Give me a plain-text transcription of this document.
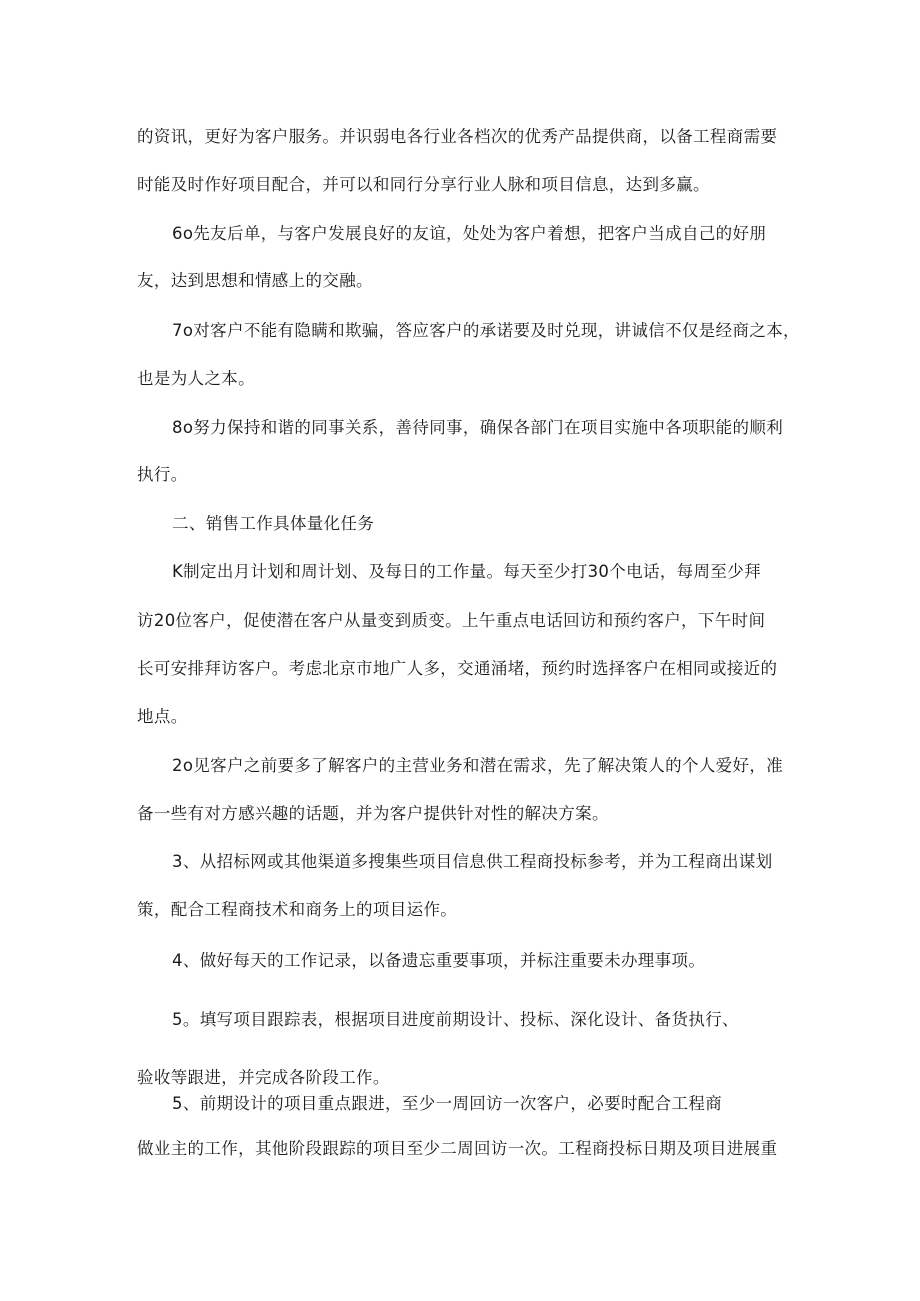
的资讯，更好为客户服务。并识弱电各行业各档次的优秀产品提供商，以备工程商需要
时能及时作好项目配合，并可以和同行分享行业人脉和项目信息，达到多赢。
6o先友后单，与客户发展良好的友谊，处处为客户着想，把客户当成自己的好朋
友，达到思想和情感上的交融。
7o对客户不能有隐瞒和欺骗，答应客户的承诺要及时兑现，讲诚信不仅是经商之本，
也是为人之本。
8o努力保持和谐的同事关系，善待同事，确保各部门在项目实施中各项职能的顺利
执行。
二、销售工作具体量化任务
K制定出月计划和周计划、及每日的工作量。每天至少打30个电话，每周至少拜
访20位客户，促使潜在客户从量变到质变。上午重点电话回访和预约客户，下午时间
长可安排拜访客户。考虑北京市地广人多，交通涌堵，预约时选择客户在相同或接近的
地点。
2o见客户之前要多了解客户的主营业务和潜在需求，先了解决策人的个人爱好，准
备一些有对方感兴趣的话题，并为客户提供针对性的解决方案。
3、从招标网或其他渠道多搜集些项目信息供工程商投标参考，并为工程商出谋划
策，配合工程商技术和商务上的项目运作。
4、做好每天的工作记录，以备遗忘重要事项，并标注重要未办理事项。
5。填写项目跟踪表，根据项目进度前期设计、投标、深化设计、备货执行、
验收等跟进，并完成各阶段工作。
5、前期设计的项目重点跟进，至少一周回访一次客户，必要时配合工程商
做业主的工作，其他阶段跟踪的项目至少二周回访一次。工程商投标日期及项目进展重
